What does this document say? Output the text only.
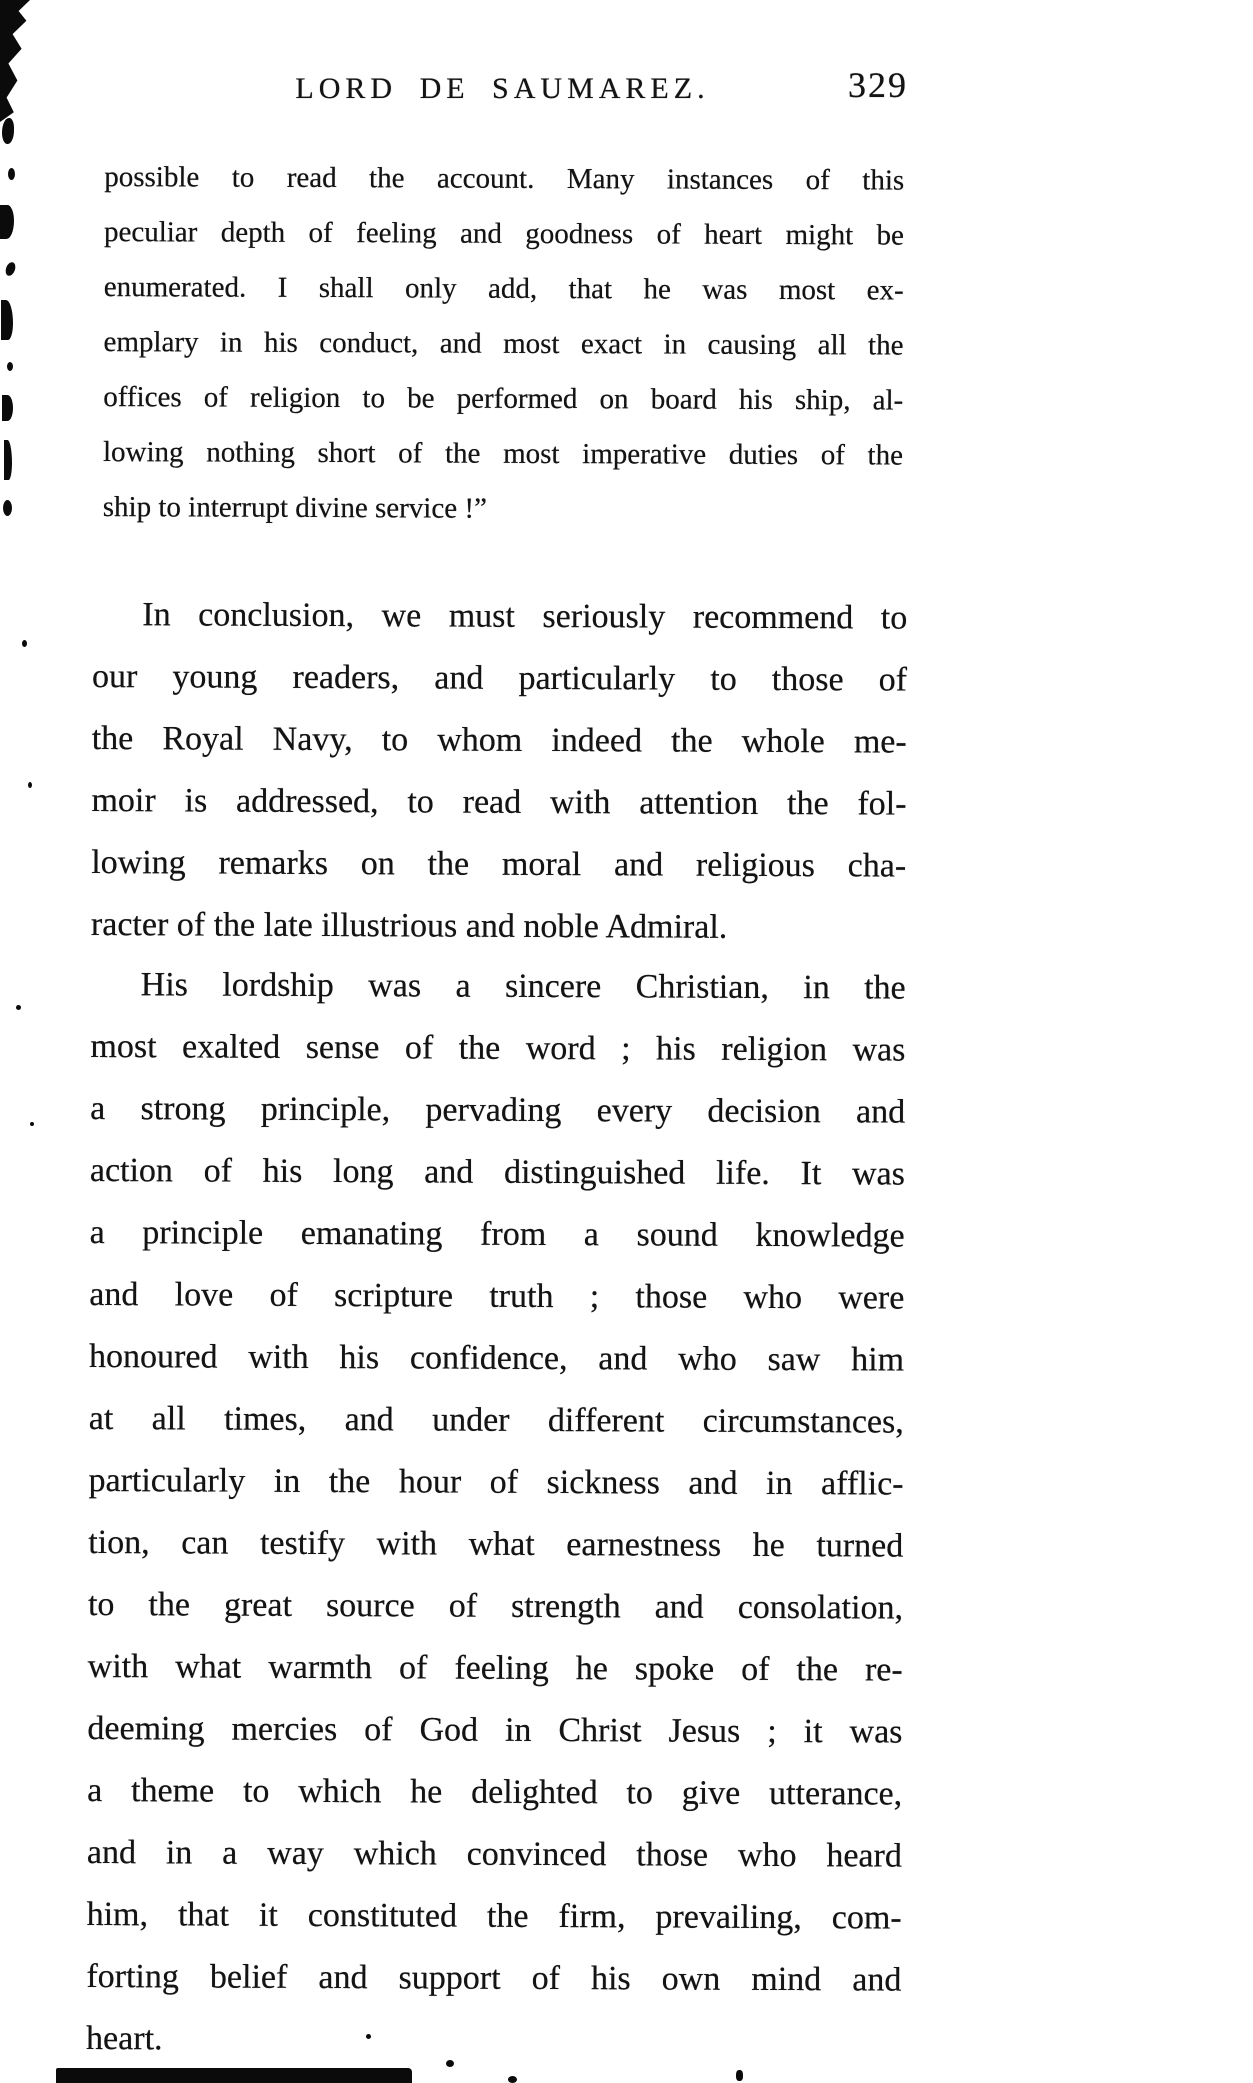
LORD DE SAUMAREZ.	329
possible to read the account. Many instances of this
peculiar depth of feeling and goodness of heart might be
enumerated. I shall only add, that he was most ex-
emplary in his conduct, and most exact in causing all the
offices of religion to be performed on board his ship, al-
lowing nothing short of the most imperative duties of the
ship to interrupt divine service !”
In conclusion, we must seriously recommend to
our young readers, and particularly to those of
the Royal Navy, to whom indeed the whole me-
moir is addressed, to read with attention the fol-
lowing remarks on the moral and religious cha-
racter of the late illustrious and noble Admiral.
His lordship was a sincere Christian, in the
most exalted sense of the word ; his religion was
a strong principle, pervading every decision and
action of his long and distinguished life. It was
a principle emanating from a sound knowledge
and love of scripture truth ; those who were
honoured with his confidence, and who saw him
at all times, and under different circumstances,
particularly in the hour of sickness and in afflic-
tion, can testify with what earnestness he turned
to the great source of strength and consolation,
with what warmth of feeling he spoke of the re-
deeming mercies of God in Christ Jesus ; it was
a theme to which he delighted to give utterance,
and in a way which convinced those who heard
him, that it constituted the firm, prevailing, com-
forting belief and support of his own mind and
heart.
